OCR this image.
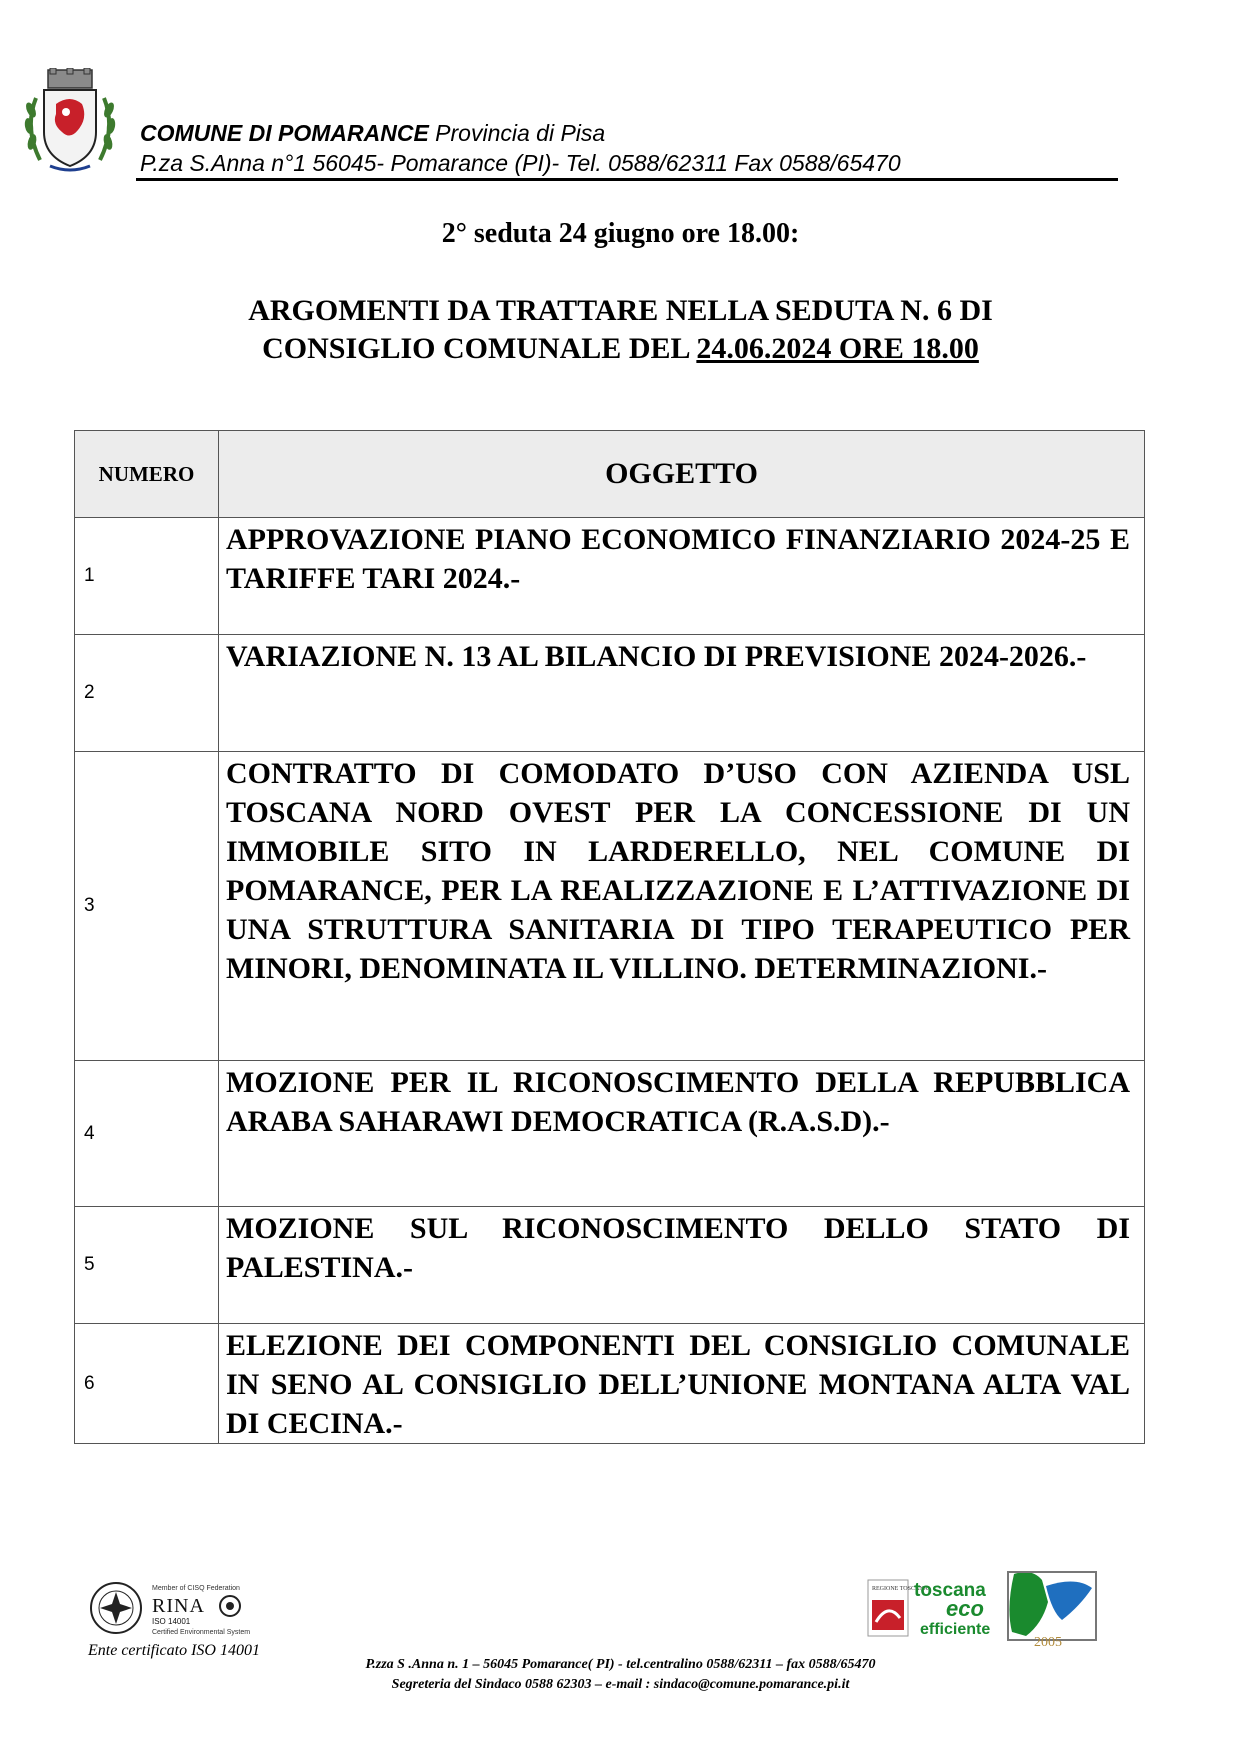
COMUNE DI POMARANCE Provincia di Pisa
P.za S.Anna n°1 56045- Pomarance (PI)- Tel. 0588/62311 Fax 0588/65470
2° seduta 24 giugno ore 18.00:
ARGOMENTI DA TRATTARE NELLA SEDUTA N. 6 DI
CONSIGLIO COMUNALE DEL 24.06.2024 ORE 18.00
NUMERO	OGGETTO
1	APPROVAZIONE PIANO ECONOMICO FINANZIARIO 2024-25 E TARIFFE TARI 2024.-
2	VARIAZIONE N. 13 AL BILANCIO DI PREVISIONE 2024-2026.-
3	CONTRATTO DI COMODATO D’USO CON AZIENDA USL TOSCANA NORD OVEST PER LA CONCESSIONE DI UN IMMOBILE SITO IN LARDERELLO, NEL COMUNE DI POMARANCE, PER LA REALIZZAZIONE E L’ATTIVAZIONE DI UNA STRUTTURA SANITARIA DI TIPO TERAPEUTICO PER MINORI, DENOMINATA IL VILLINO. DETERMINAZIONI.-
4	MOZIONE PER IL RICONOSCIMENTO DELLA REPUBBLICA ARABA SAHARAWI DEMOCRATICA (R.A.S.D).-
5	MOZIONE SUL RICONOSCIMENTO DELLO STATO DI PALESTINA.-
6	ELEZIONE DEI COMPONENTI DEL CONSIGLIO COMUNALE IN SENO AL CONSIGLIO DELL’UNIONE MONTANA ALTA VAL DI CECINA.-
Member of CISQ Federation
RINA
ISO 14001
Certified Environmental System
Ente certificato ISO 14001
REGIONE TOSCANA
toscana
eco
efficiente
2005
P.zza S .Anna n. 1 – 56045 Pomarance( PI) - tel.centralino 0588/62311 – fax 0588/65470
Segreteria del Sindaco 0588 62303 – e-mail : sindaco@comune.pomarance.pi.it
